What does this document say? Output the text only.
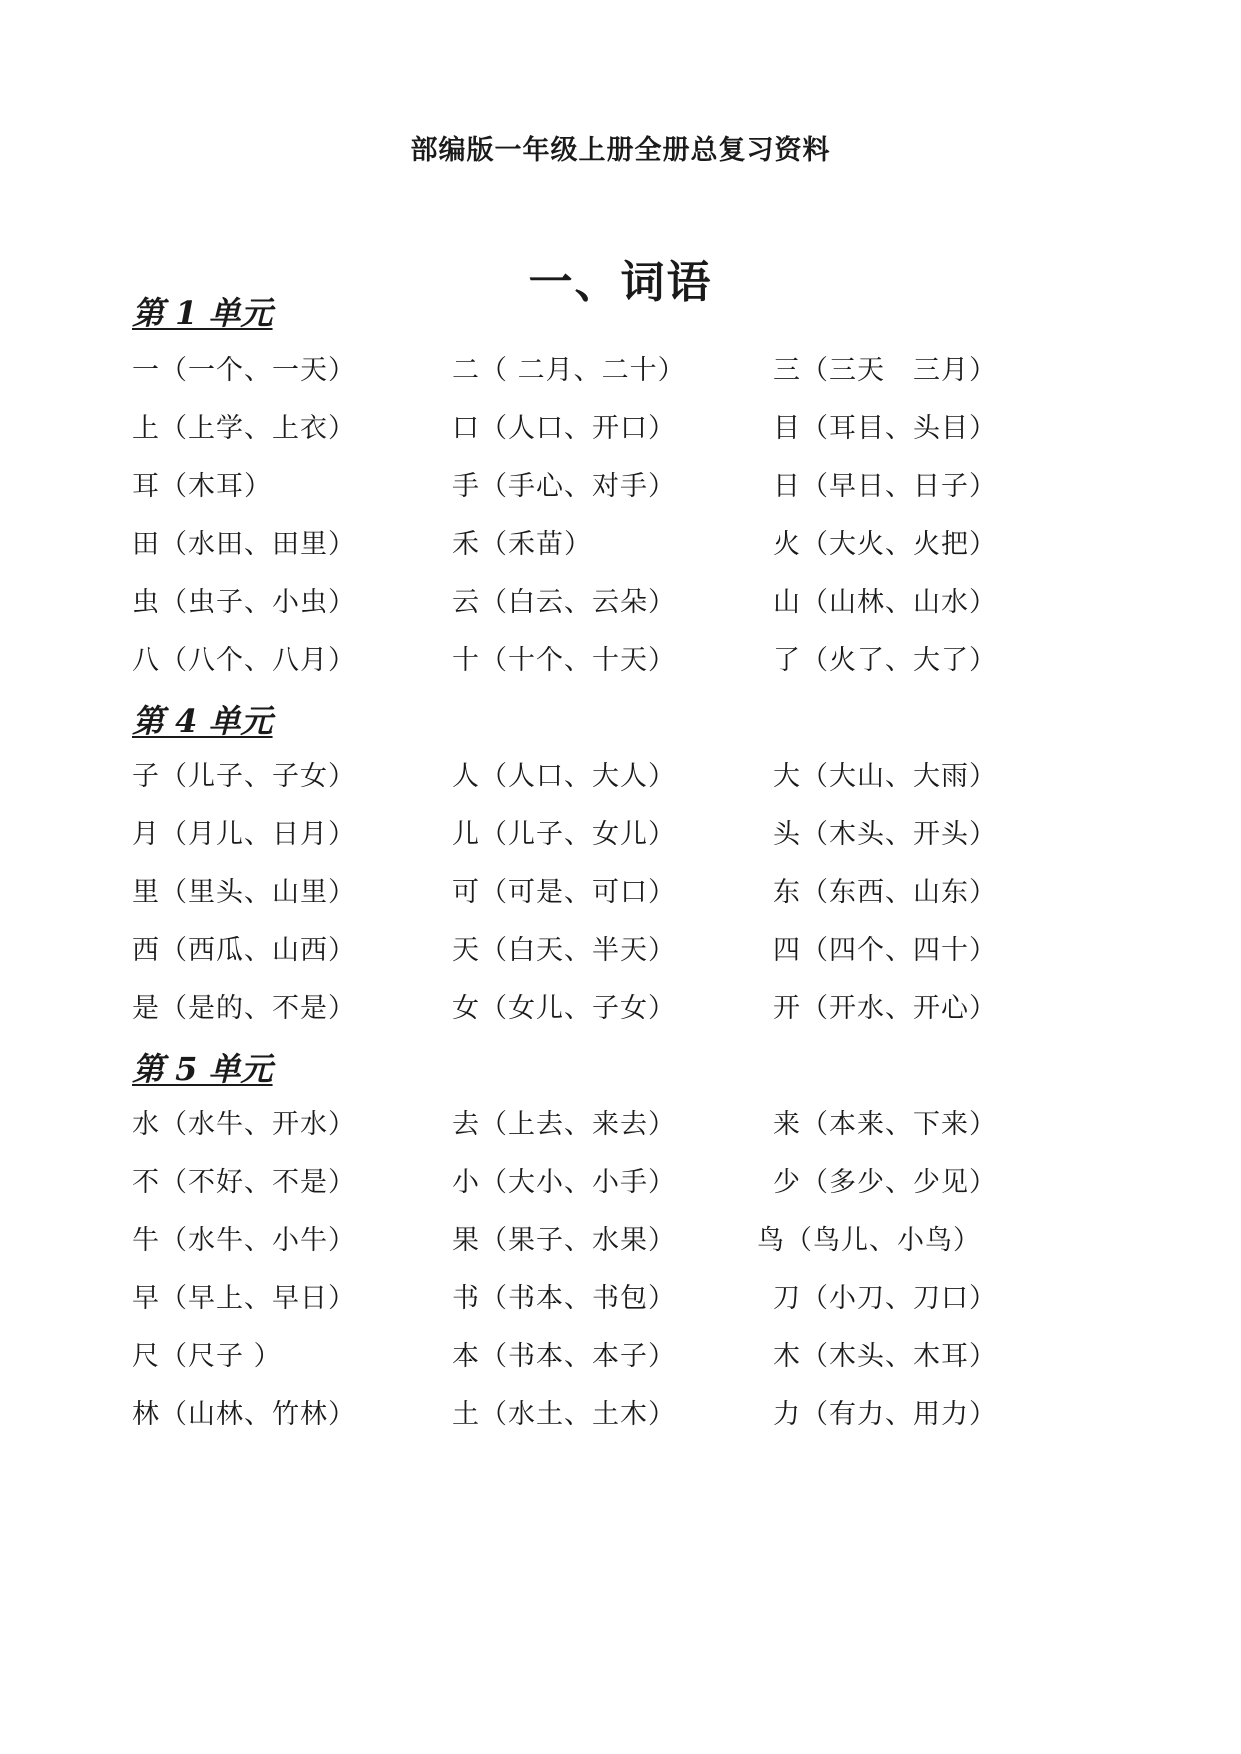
部编版一年级上册全册总复习资料
一、词语
第 1 单元
一（一个、一天）	二（ 二月、二十）	三（三天　三月）
上（上学、上衣）	口（人口、开口）	目（耳目、头目）
耳（木耳）	手（手心、对手）	日（早日、日子）
田（水田、田里）	禾（禾苗）	火（大火、火把）
虫（虫子、小虫）	云（白云、云朵）	山（山林、山水）
八（八个、八月）	十（十个、十天）	了（火了、大了）
第 4 单元
子（儿子、子女）	人（人口、大人）	大（大山、大雨）
月（月儿、日月）	儿（儿子、女儿）	头（木头、开头）
里（里头、山里）	可（可是、可口）	东（东西、山东）
西（西瓜、山西）	天（白天、半天）	四（四个、四十）
是（是的、不是）	女（女儿、子女）	开（开水、开心）
第 5 单元
水（水牛、开水）	去（上去、来去）	来（本来、下来）
不（不好、不是）	小（大小、小手）	少（多少、少见）
牛（水牛、小牛）	果（果子、水果）	鸟（鸟儿、小鸟）
早（早上、早日）	书（书本、书包）	刀（小刀、刀口）
尺（尺子 ）	本（书本、本子）	木（木头、木耳）
林（山林、竹林）	土（水土、土木）	力（有力、用力）
